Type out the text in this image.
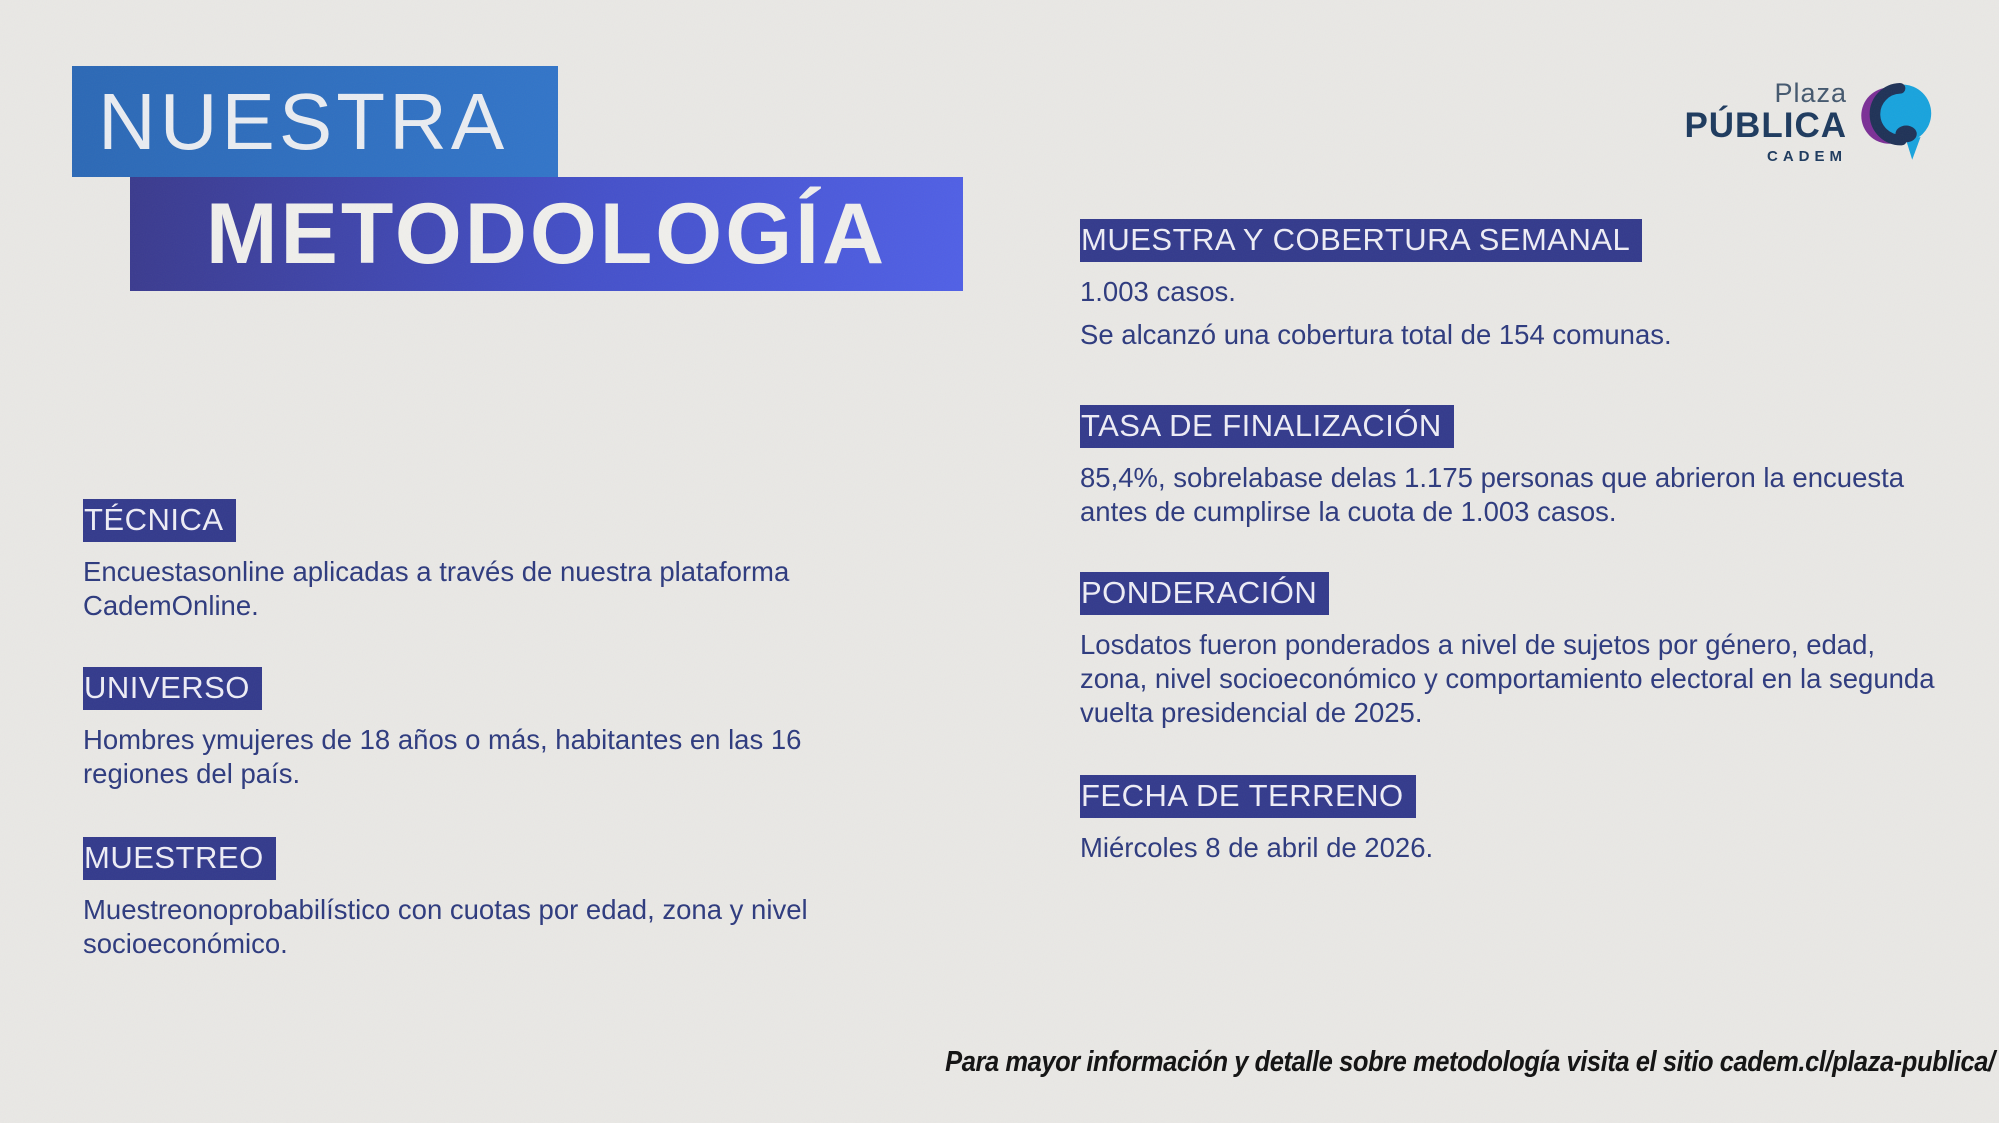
NUESTRA
METODOLOGÍA
Plaza
PÚBLICA
CADEM
TÉCNICA

Encuestasonline aplicadas a través de nuestra plataforma CademOnline.

UNIVERSO

Hombres ymujeres de 18 años o más, habitantes en las 16 regiones del país.

MUESTREO

Muestreonoprobabilístico con cuotas por edad, zona y nivel socioeconómico.

MUESTRA Y COBERTURA SEMANAL

1.003 casos.

Se alcanzó una cobertura total de 154 comunas.

TASA DE FINALIZACIÓN

85,4%, sobrelabase delas 1.175 personas que abrieron la encuesta antes de cumplirse la cuota de 1.003 casos.

PONDERACIÓN

Losdatos fueron ponderados a nivel de sujetos por género, edad, zona, nivel socioeconómico y comportamiento electoral en la segunda vuelta presidencial de 2025.

FECHA DE TERRENO

Miércoles 8 de abril de 2026.

Para mayor información y detalle sobre metodología visita el sitio cadem.cl/plaza-publica/
